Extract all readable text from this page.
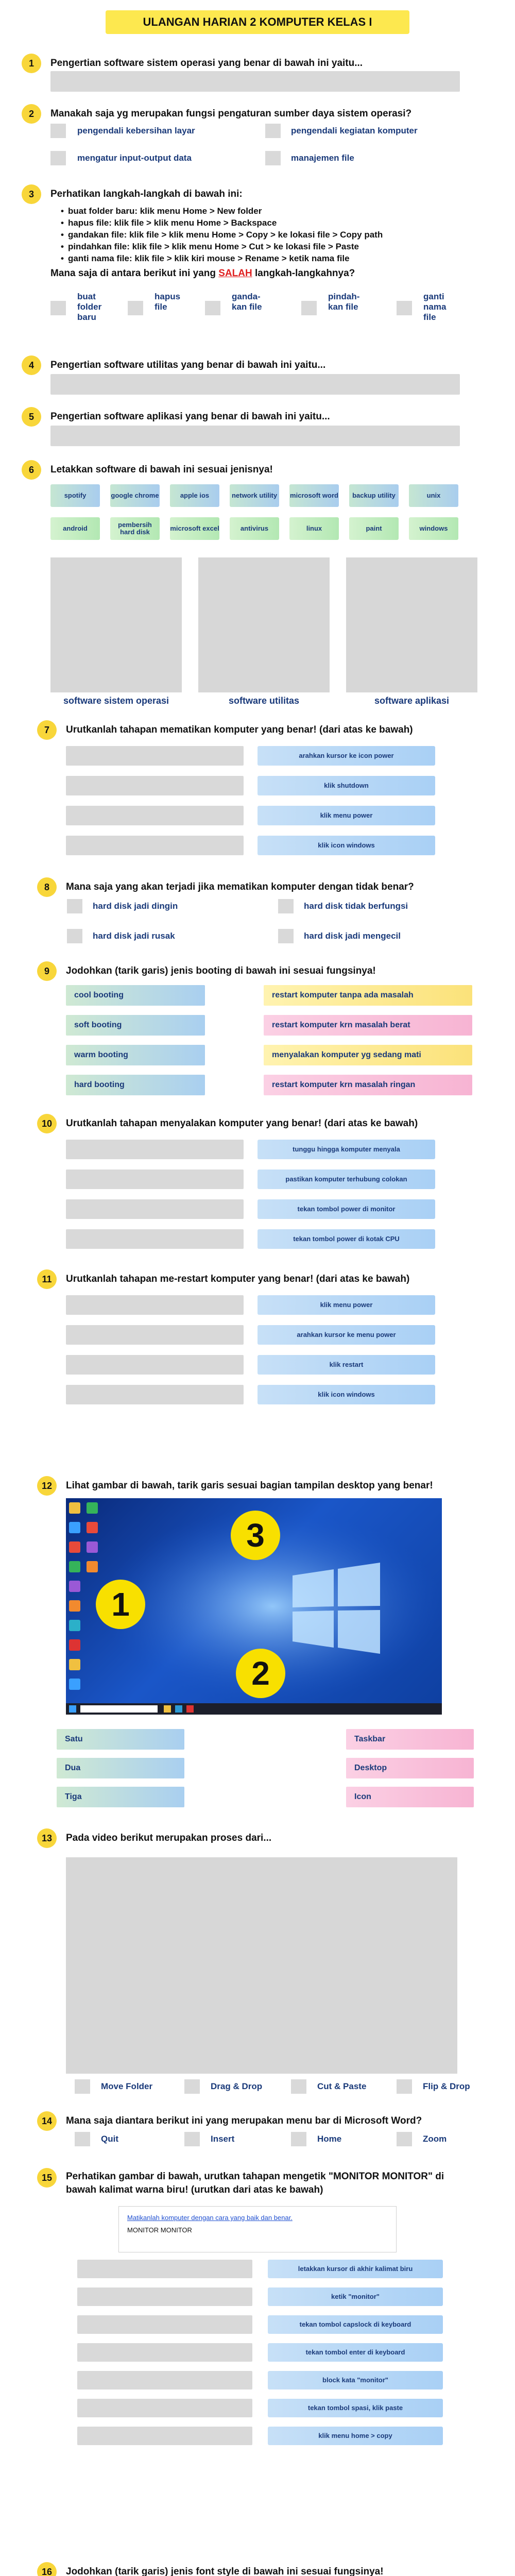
ULANGAN HARIAN 2 KOMPUTER KELAS I
1	Pengertian software sistem operasi yang benar di bawah ini yaitu...
2	Manakah saja yg merupakan fungsi pengaturan sumber daya sistem operasi?
pengendali kebersihan layar	pengendali kegiatan komputer
mengatur input-output data	manajemen file
3	Perhatikan langkah-langkah di bawah ini:
• buat folder baru: klik menu Home > New folder
• hapus file: klik file > klik menu Home > Backspace
• gandakan file: klik file > klik menu Home > Copy > ke lokasi file > Copy path
• pindahkan file: klik file > klik menu Home > Cut > ke lokasi file > Paste
• ganti nama file: klik file > klik kiri mouse > Rename > ketik nama file
Mana saja di antara berikut ini yang SALAH langkah-langkahnya?
buat folder baru
hapus file
ganda-kan file
pindah-kan file
ganti nama file
4	Pengertian software utilitas yang benar di bawah ini yaitu...
5	Pengertian software aplikasi yang benar di bawah ini yaitu...
6	Letakkan software di bawah ini sesuai jenisnya!
spotify	google chrome	apple ios	network utility	microsoft word	backup utility	unix
android	pembersih hard disk	microsoft excel	antivirus	linux	paint	windows
software sistem operasi	software utilitas	software aplikasi
7	Urutkanlah tahapan mematikan komputer yang benar! (dari atas ke bawah)
arahkan kursor ke icon power
klik shutdown
klik menu power
klik icon windows
8	Mana saja yang akan terjadi jika mematikan komputer dengan tidak benar?
hard disk jadi dingin	hard disk tidak berfungsi
hard disk jadi rusak	hard disk jadi mengecil
9	Jodohkan (tarik garis) jenis booting di bawah ini sesuai fungsinya!
cool booting	restart komputer tanpa ada masalah
soft booting	restart komputer krn masalah berat
warm booting	menyalakan komputer yg sedang mati
hard booting	restart komputer krn masalah ringan
10	Urutkanlah tahapan menyalakan komputer yang benar! (dari atas ke bawah)
tunggu hingga komputer menyala
pastikan komputer terhubung colokan
tekan tombol power di monitor
tekan tombol power di kotak CPU
11	Urutkanlah tahapan me-restart komputer yang benar! (dari atas ke bawah)
klik menu power
arahkan kursor ke menu power
klik restart
klik icon windows
12	Lihat gambar di bawah, tarik garis sesuai bagian tampilan desktop yang benar!
1
3
2
Satu
Dua
Tiga
Taskbar
Desktop
Icon
13	Pada video berikut merupakan proses dari...
Move Folder	Drag & Drop	Cut & Paste	Flip & Drop
14	Mana saja diantara berikut ini yang merupakan menu bar di Microsoft Word?
Quit	Insert	Home	Zoom
15	Perhatikan gambar di bawah, urutkan tahapan mengetik "MONITOR MONITOR" di bawah kalimat warna biru! (urutkan dari atas ke bawah)
Matikanlah komputer dengan cara yang baik dan benar.
MONITOR MONITOR
letakkan kursor di akhir kalimat biru
ketik "monitor"
tekan tombol capslock di keyboard
tekan tombol enter di keyboard
block kata "monitor"
tekan tombol spasi, klik paste
klik menu home > copy
16	Jodohkan (tarik garis) jenis font style di bawah ini sesuai fungsinya!
